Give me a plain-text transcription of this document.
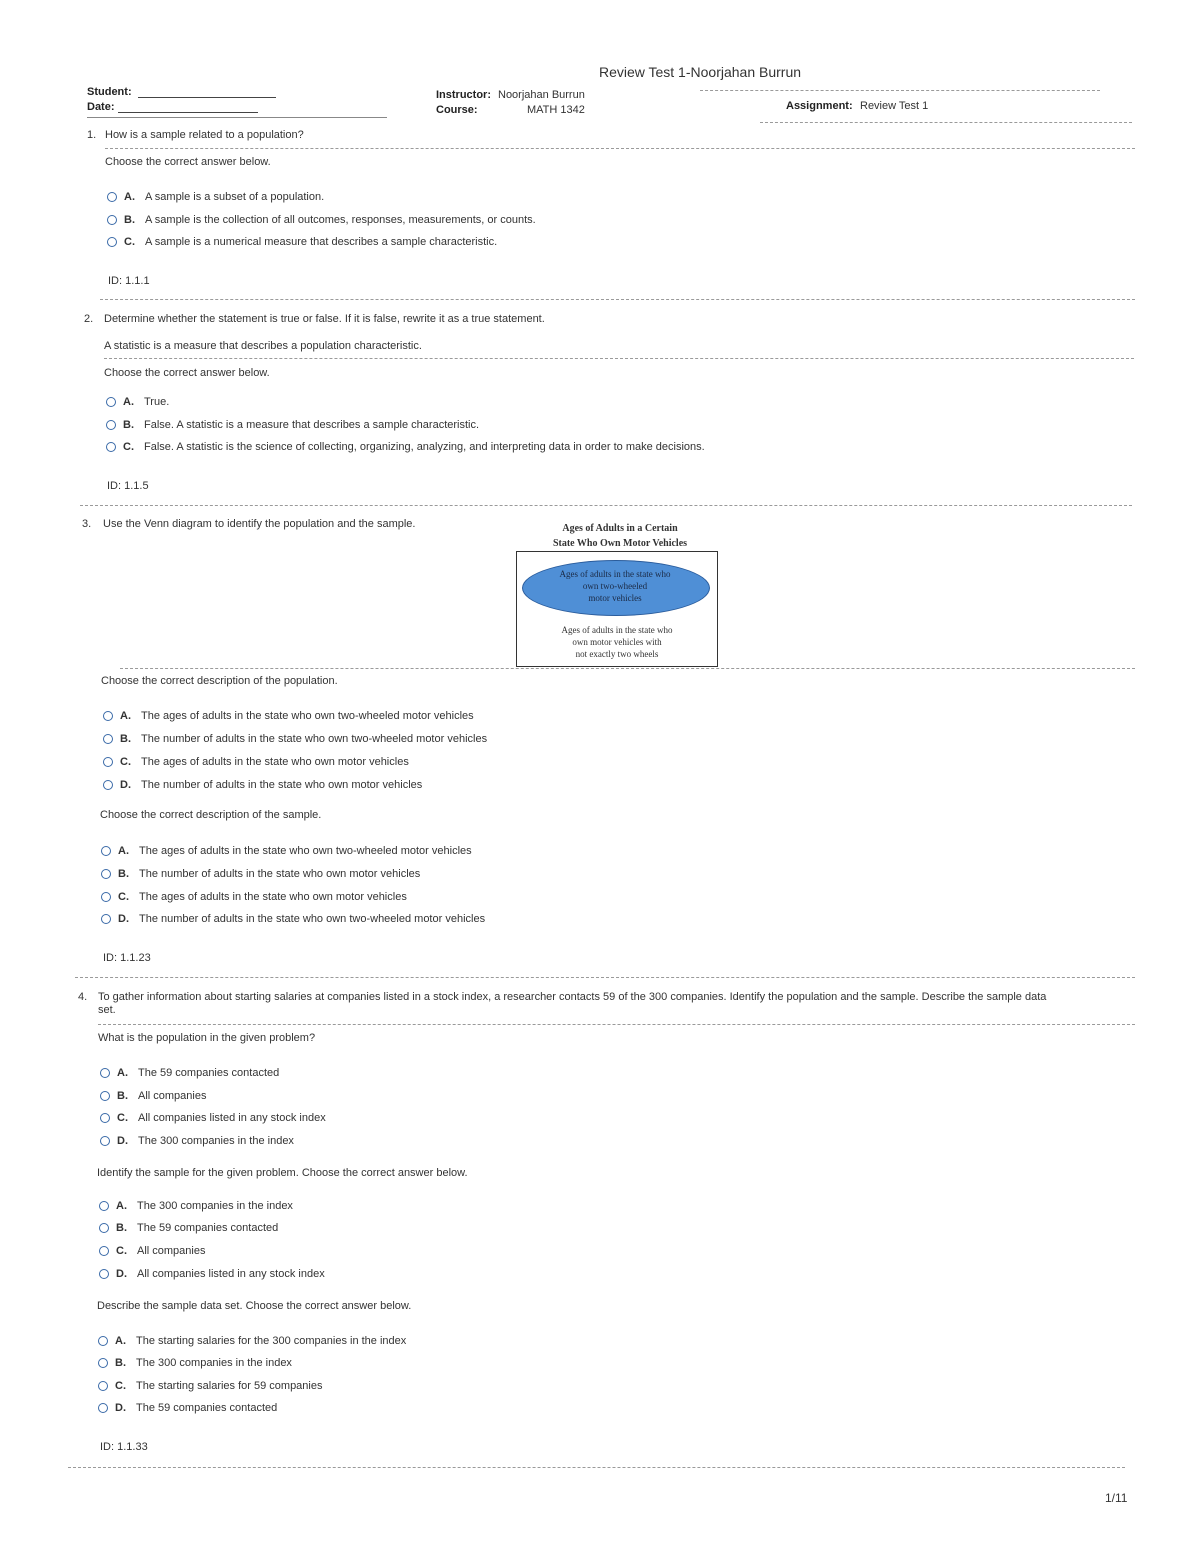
Review Test 1-Noorjahan Burrun
Student:
Date:
Instructor: Noorjahan Burrun
Course:	MATH 1342	Assignment: Review Test 1
1. How is a sample related to a population?
Choose the correct answer below.
A. A sample is a subset of a population.
B. A sample is the collection of all outcomes, responses, measurements, or counts.
C. A sample is a numerical measure that describes a sample characteristic.
ID: 1.1.1
2. Determine whether the statement is true or false. If it is false, rewrite it as a true statement.
A statistic is a measure that describes a population characteristic.
Choose the correct answer below.
A. True.
B. False. A statistic is a measure that describes a sample characteristic.
C. False. A statistic is the science of collecting, organizing, analyzing, and interpreting data in order to make decisions.
ID: 1.1.5
3. Use the Venn diagram to identify the population and the sample.	Ages of Adults in a Certain
State Who Own Motor Vehicles
Ages of adults in the state who
own two-wheeled
motor vehicles
Ages of adults in the state who
own motor vehicles with
not exactly two wheels
Choose the correct description of the population.
A. The ages of adults in the state who own two-wheeled motor vehicles
B. The number of adults in the state who own two-wheeled motor vehicles
C. The ages of adults in the state who own motor vehicles
D. The number of adults in the state who own motor vehicles
Choose the correct description of the sample.
A. The ages of adults in the state who own two-wheeled motor vehicles
B. The number of adults in the state who own motor vehicles
C. The ages of adults in the state who own motor vehicles
D. The number of adults in the state who own two-wheeled motor vehicles
ID: 1.1.23
4. To gather information about starting salaries at companies listed in a stock index, a researcher contacts 59 of the 300 companies. Identify the population and the sample. Describe the sample data
set.
What is the population in the given problem?
A. The 59 companies contacted
B. All companies
C. All companies listed in any stock index
D. The 300 companies in the index
Identify the sample for the given problem. Choose the correct answer below.
A. The 300 companies in the index
B. The 59 companies contacted
C. All companies
D. All companies listed in any stock index
Describe the sample data set. Choose the correct answer below.
A. The starting salaries for the 300 companies in the index
B. The 300 companies in the index
C. The starting salaries for 59 companies
D. The 59 companies contacted
ID: 1.1.33
1/11
